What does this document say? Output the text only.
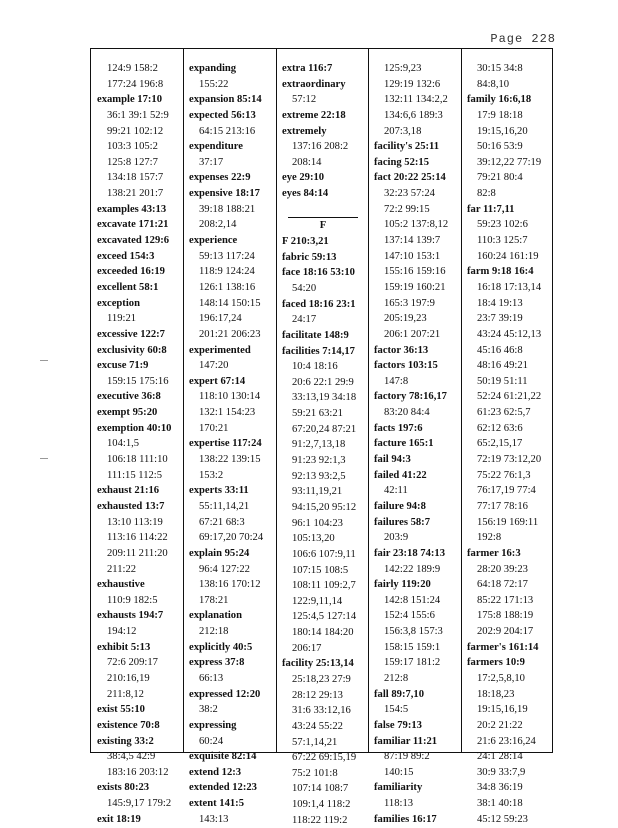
Page 228
124:9 158:2
177:24 196:8
example 17:10
36:1 39:1 52:9
99:21 102:12
103:3 105:2
125:8 127:7
134:18 157:7
138:21 201:7
examples 43:13
excavate 171:21
excavated 129:6
exceed 154:3
exceeded 16:19
excellent 58:1
exception
119:21
excessive 122:7
exclusivity 60:8
excuse 71:9
159:15 175:16
executive 36:8
exempt 95:20
exemption 40:10
104:1,5
106:18 111:10
111:15 112:5
exhaust 21:16
exhausted 13:7
13:10 113:19
113:16 114:22
209:11 211:20
211:22
exhaustive
110:9 182:5
exhausts 194:7
194:12
exhibit 5:13
72:6 209:17
210:16,19
211:8,12
exist 55:10
existence 70:8
existing 33:2
38:4,5 42:9
183:16 203:12
exists 80:23
145:9,17 179:2
exit 18:19
expanding
155:22
expansion 85:14
expected 56:13
64:15 213:16
expenditure
37:17
expenses 22:9
expensive 18:17
39:18 188:21
208:2,14
experience
59:13 117:24
118:9 124:24
126:1 138:16
148:14 150:15
196:17,24
201:21 206:23
experimented
147:20
expert 67:14
118:10 130:14
132:1 154:23
170:21
expertise 117:24
138:22 139:15
153:2
experts 33:11
55:11,14,21
67:21 68:3
69:17,20 70:24
explain 95:24
96:4 127:22
138:16 170:12
178:21
explanation
212:18
explicitly 40:5
express 37:8
66:13
expressed 12:20
38:2
expressing
60:24
exquisite 82:14
extend 12:3
extended 12:23
extent 141:5
143:13
extra 116:7
extraordinary
57:12
extreme 22:18
extremely
137:16 208:2
208:14
eye 29:10
eyes 84:14
F
F 210:3,21
fabric 59:13
face 18:16 53:10
54:20
faced 18:16 23:1
24:17
facilitate 148:9
facilities 7:14,17
10:4 18:16
20:6 22:1 29:9
33:13,19 34:18
59:21 63:21
67:20,24 87:21
91:2,7,13,18
91:23 92:1,3
92:13 93:2,5
93:11,19,21
94:15,20 95:12
96:1 104:23
105:13,20
106:6 107:9,11
107:15 108:5
108:11 109:2,7
122:9,11,14
125:4,5 127:14
180:14 184:20
206:17
facility 25:13,14
25:18,23 27:9
28:12 29:13
31:6 33:12,16
43:24 55:22
57:1,14,21
67:22 69:15,19
75:2 101:8
107:14 108:7
109:1,4 118:2
118:22 119:2
125:9,23
129:19 132:6
132:11 134:2,2
134:6,6 189:3
207:3,18
facility's 25:11
facing 52:15
fact 20:22 25:14
32:23 57:24
72:2 99:15
105:2 137:8,12
137:14 139:7
147:10 153:1
155:16 159:16
159:19 160:21
165:3 197:9
205:19,23
206:1 207:21
factor 36:13
factors 103:15
147:8
factory 78:16,17
83:20 84:4
facts 197:6
facture 165:1
fail 94:3
failed 41:22
42:11
failure 94:8
failures 58:7
203:9
fair 23:18 74:13
142:22 189:9
fairly 119:20
142:8 151:24
152:4 155:6
156:3,8 157:3
158:15 159:1
159:17 181:2
212:8
fall 89:7,10
154:5
false 79:13
familiar 11:21
87:19 89:2
140:15
familiarity
118:13
families 16:17
30:15 34:8
84:8,10
family 16:6,18
17:9 18:18
19:15,16,20
50:16 53:9
39:12,22 77:19
79:21 80:4
82:8
far 11:7,11
59:23 102:6
110:3 125:7
160:24 161:19
farm 9:18 16:4
16:18 17:13,14
18:4 19:13
23:7 39:19
43:24 45:12,13
45:16 46:8
48:16 49:21
50:19 51:11
52:24 61:21,22
61:23 62:5,7
62:12 63:6
65:2,15,17
72:19 73:12,20
75:22 76:1,3
76:17,19 77:4
77:17 78:16
156:19 169:11
192:8
farmer 16:3
28:20 39:23
64:18 72:17
85:22 171:13
175:8 188:19
202:9 204:17
farmer's 161:14
farmers 10:9
17:2,5,8,10
18:18,23
19:15,16,19
20:2 21:22
21:6 23:16,24
24:1 28:14
30:9 33:7,9
34:8 36:19
38:1 40:18
45:12 59:23
